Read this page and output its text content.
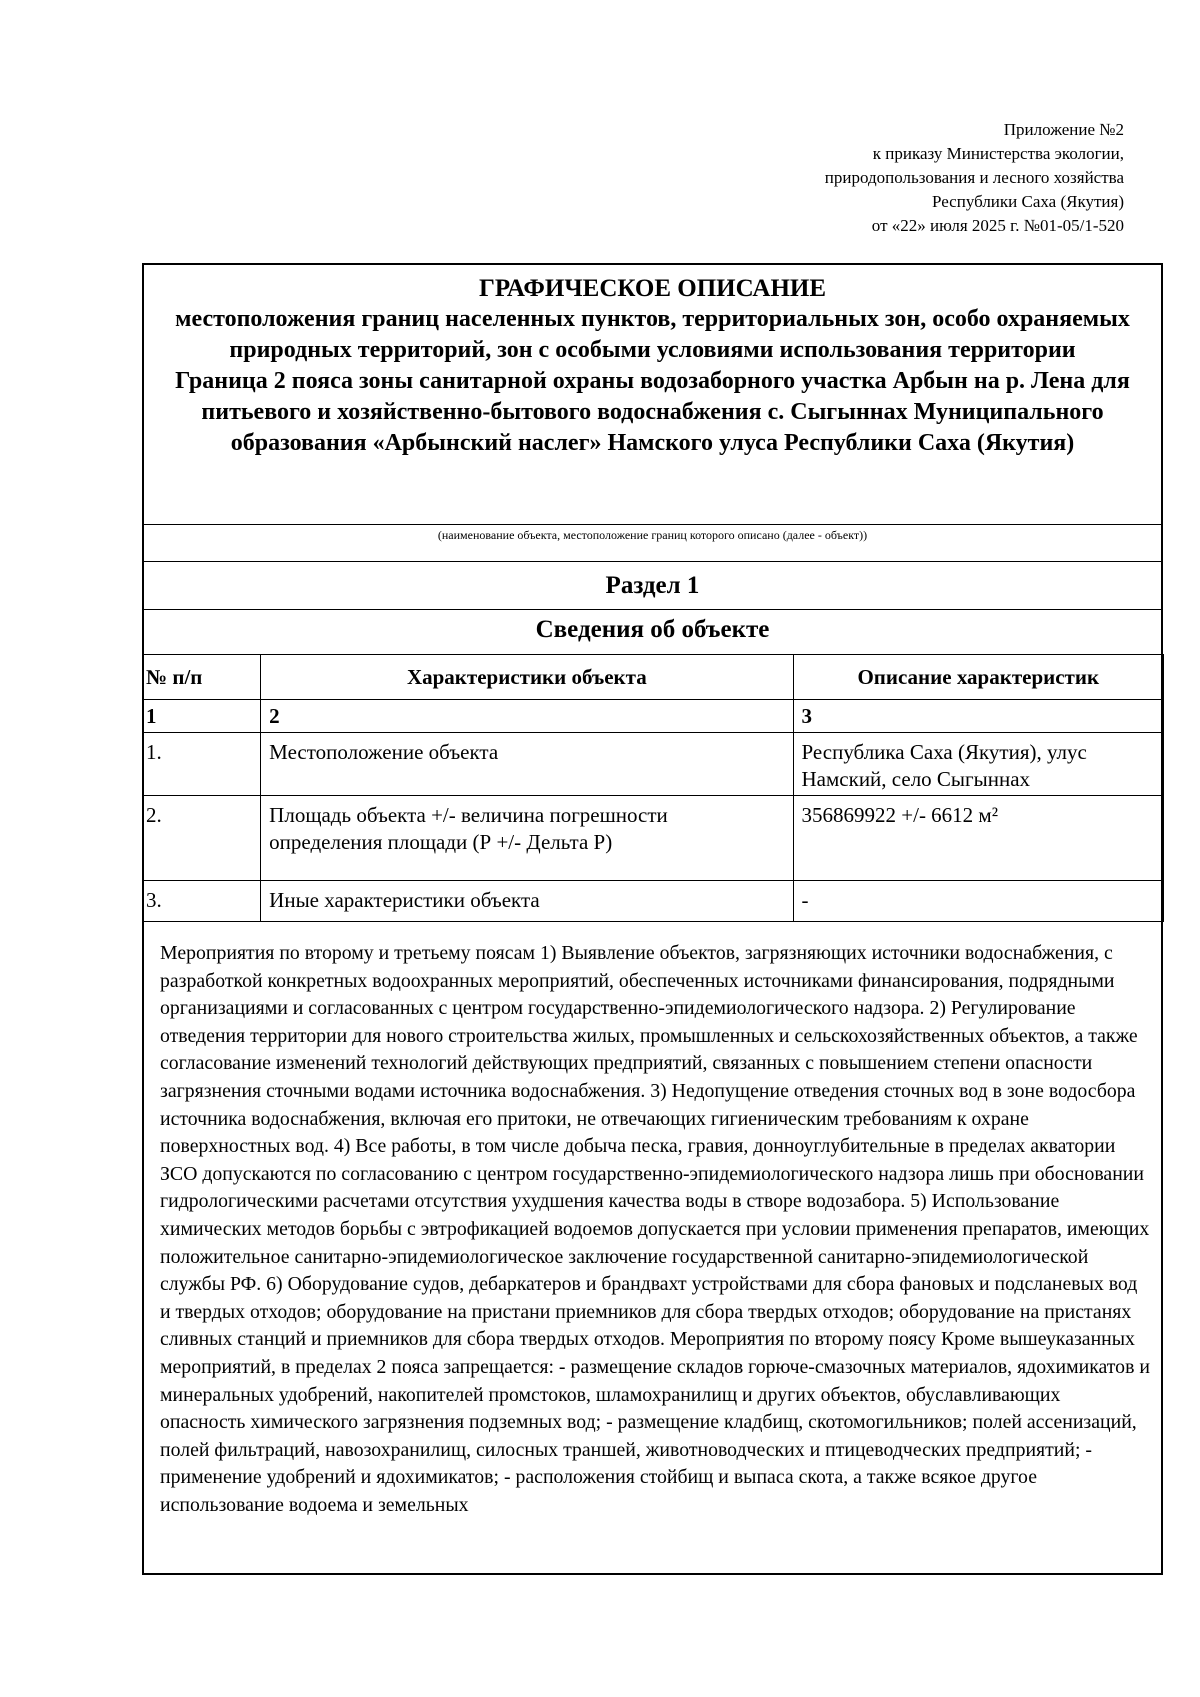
Приложение №2
к приказу Министерства экологии,
природопользования и лесного хозяйства
Республики Саха (Якутия)
от «22» июля 2025 г. №01-05/1-520
ГРАФИЧЕСКОЕ ОПИСАНИЕ
местоположения границ населенных пунктов, территориальных зон, особо охраняемых природных территорий, зон с особыми условиями использования территории
Граница 2 пояса зоны санитарной охраны водозаборного участка Арбын на р. Лена для питьевого и хозяйственно-бытового водоснабжения с. Сыгыннах Муниципального образования «Арбынский наслег» Намского улуса Республики Саха (Якутия)
(наименование объекта, местоположение границ которого описано (далее - объект))
Раздел 1
Сведения об объекте
№ п/п	Характеристики объекта	Описание характеристик
1	2	3
1.	Местоположение объекта	Республика Саха (Якутия), улус Намский, село Сыгыннах
2.	Площадь объекта +/- величина погрешности определения площади (Р +/- Дельта Р)	356869922 +/- 6612 м²
3.	Иные характеристики объекта	-
Мероприятия по второму и третьему поясам 1) Выявление объектов, загрязняющих источники водоснабжения, с разработкой конкретных водоохранных мероприятий, обеспеченных источниками финансирования, подрядными организациями и согласованных с центром государственно-эпидемиологического надзора. 2) Регулирование отведения территории для нового строительства жилых, промышленных и сельскохозяйственных объектов, а также согласование изменений технологий действующих предприятий, связанных с повышением степени опасности загрязнения сточными водами источника водоснабжения. 3) Недопущение отведения сточных вод в зоне водосбора источника водоснабжения, включая его притоки, не отвечающих гигиеническим требованиям к охране поверхностных вод. 4) Все работы, в том числе добыча песка, гравия, донноуглубительные в пределах акватории ЗСО допускаются по согласованию с центром государственно-эпидемиологического надзора лишь при обосновании гидрологическими расчетами отсутствия ухудшения качества воды в створе водозабора. 5) Использование химических методов борьбы с эвтрофикацией водоемов допускается при условии применения препаратов, имеющих положительное санитарно-эпидемиологическое заключение государственной санитарно-эпидемиологической службы РФ. 6) Оборудование судов, дебаркатеров и брандвахт устройствами для сбора фановых и подсланевых вод и твердых отходов; оборудование на пристани приемников для сбора твердых отходов; оборудование на пристанях сливных станций и приемников для сбора твердых отходов. Мероприятия по второму поясу Кроме вышеуказанных мероприятий, в пределах 2 пояса запрещается: - размещение складов горюче-смазочных материалов, ядохимикатов и минеральных удобрений, накопителей промстоков, шламохранилищ и других объектов, обуславливающих опасность химического загрязнения подземных вод; - размещение кладбищ, скотомогильников; полей ассенизаций, полей фильтраций, навозохранилищ, силосных траншей, животноводческих и птицеводческих предприятий; - применение удобрений и ядохимикатов; - расположения стойбищ и выпаса скота, а также всякое другое использование водоема и земельных
